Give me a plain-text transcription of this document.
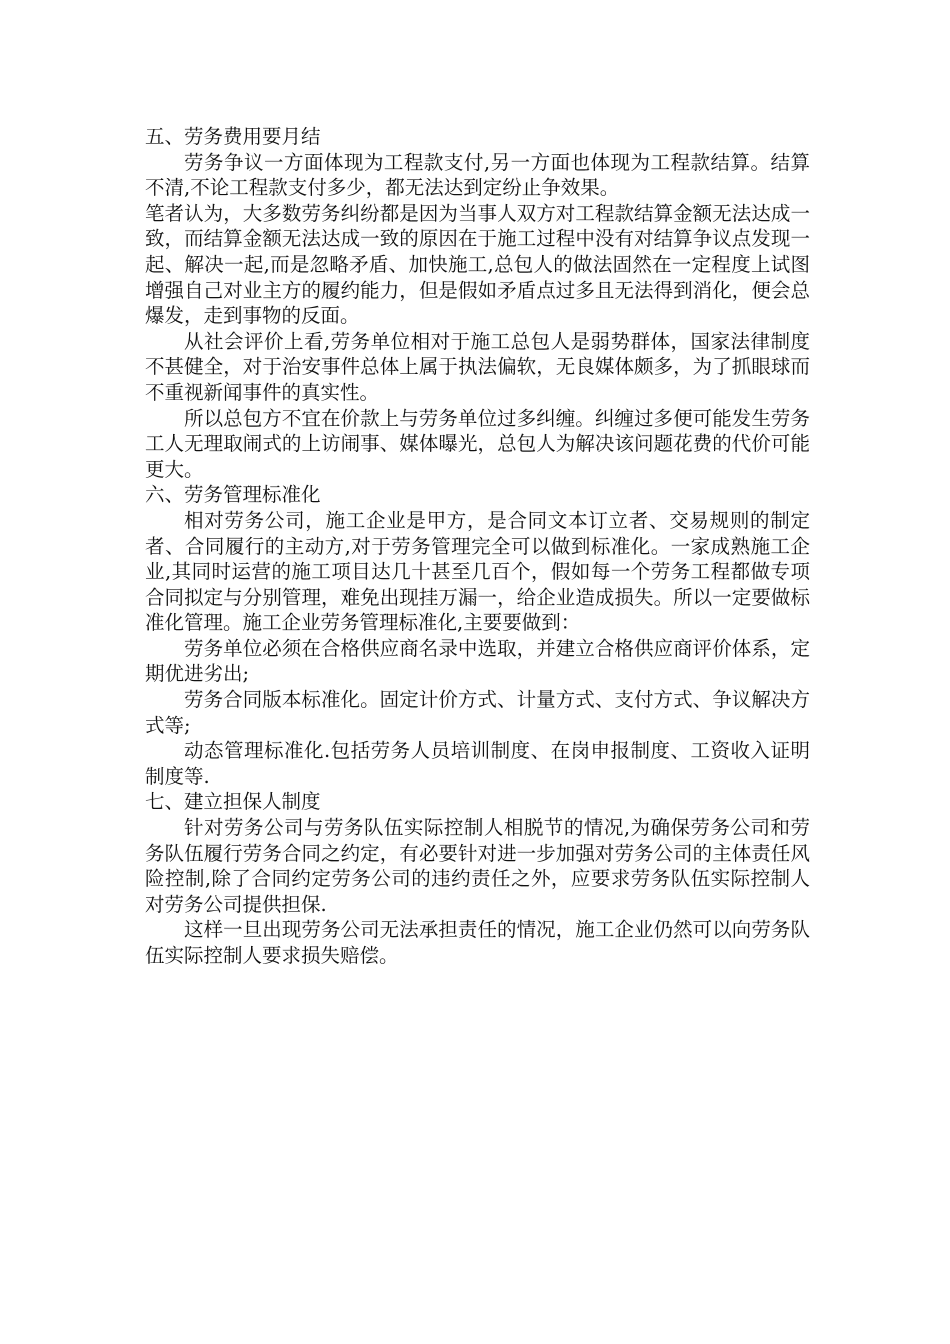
五、劳务费用要月结

劳务争议一方面体现为工程款支付,另一方面也体现为工程款结算。结算不清,不论工程款支付多少，都无法达到定纷止争效果。

笔者认为，大多数劳务纠纷都是因为当事人双方对工程款结算金额无法达成一致，而结算金额无法达成一致的原因在于施工过程中没有对结算争议点发现一起、解决一起,而是忽略矛盾、加快施工,总包人的做法固然在一定程度上试图增强自己对业主方的履约能力，但是假如矛盾点过多且无法得到消化，便会总爆发，走到事物的反面。

从社会评价上看,劳务单位相对于施工总包人是弱势群体，国家法律制度不甚健全，对于治安事件总体上属于执法偏软，无良媒体颇多，为了抓眼球而不重视新闻事件的真实性。

所以总包方不宜在价款上与劳务单位过多纠缠。纠缠过多便可能发生劳务工人无理取闹式的上访闹事、媒体曝光，总包人为解决该问题花费的代价可能更大。

六、劳务管理标准化

相对劳务公司，施工企业是甲方，是合同文本订立者、交易规则的制定者、合同履行的主动方,对于劳务管理完全可以做到标准化。一家成熟施工企业,其同时运营的施工项目达几十甚至几百个，假如每一个劳务工程都做专项合同拟定与分别管理，难免出现挂万漏一，给企业造成损失。所以一定要做标准化管理。施工企业劳务管理标准化,主要要做到：

劳务单位必须在合格供应商名录中选取，并建立合格供应商评价体系，定期优进劣出;

劳务合同版本标准化。固定计价方式、计量方式、支付方式、争议解决方式等;

动态管理标准化.包括劳务人员培训制度、在岗申报制度、工资收入证明制度等.

七、建立担保人制度

针对劳务公司与劳务队伍实际控制人相脱节的情况,为确保劳务公司和劳务队伍履行劳务合同之约定，有必要针对进一步加强对劳务公司的主体责任风险控制,除了合同约定劳务公司的违约责任之外，应要求劳务队伍实际控制人对劳务公司提供担保.

这样一旦出现劳务公司无法承担责任的情况，施工企业仍然可以向劳务队伍实际控制人要求损失赔偿。
